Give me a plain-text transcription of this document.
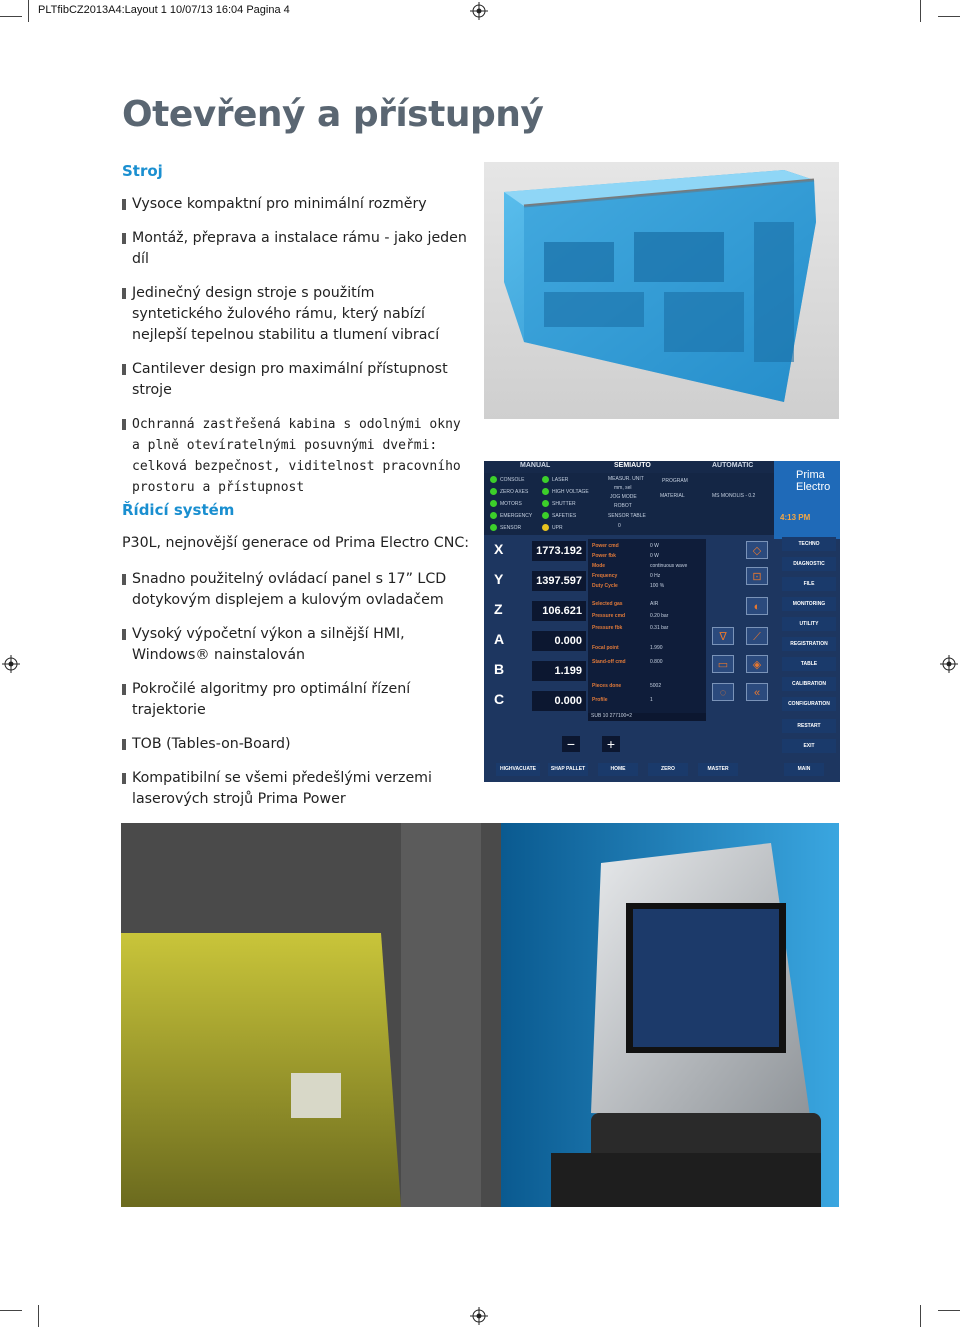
PLTfibCZ2013A4:Layout 1 10/07/13 16:04 Pagina 4
Otevřený a přístupný
Stroj
Vysoce kompaktní pro minimální rozměry
Montáž, přeprava a instalace rámu - jako jeden díl
Jedinečný design stroje s použitím syntetického žulového rámu, který nabízí nejlepší tepelnou stabilitu a tlumení vibrací
Cantilever design pro maximální přístupnost stroje
Ochranná zastřešená kabina s odolnými okny a plně otevíratelnými posuvnými dveřmi: celková bezpečnost, viditelnost pracovního prostoru a přístupnost
Řídicí systém
P30L, nejnovější generace od Prima Electro CNC:
Snadno použitelný ovládací panel s 17” LCD dotykovým displejem a kulovým ovladačem
Vysoký výpočetní výkon a silnější HMI, Windows® nainstalován
Pokročilé algoritmy pro optimální řízení trajektorie
TOB (Tables-on-Board)
Kompatibilní se všemi předešlými verzemi laserových strojů Prima Power
MANUAL	SEMIAUTO	AUTOMATIC
Prima
Electro
4:13 PM
CONSOLE
ZERO AXES
MOTORS
EMERGENCY
SENSOR
LASER
HIGH VOLTAGE
SHUTTER
SAFETIES
UPR
MEASUR. UNIT
mm, sel
JOG MODE
ROBOT
SENSOR TABLE
0
PROGRAM
MATERIAL	MS MONOLIS - 0.2
X	1773.192
Y	1397.597
Z	106.621
A	0.000
B	1.199
C	0.000
Power cmd	0 W
Power fbk	0 W
Mode	continuous wave
Frequency	0 Hz
Duty Cycle	100 %
Selected gas	AIR
Pressure cmd	0.20 bar
Pressure fbk	0.31 bar
Focal point	1.990
Stand-off cmd	0.800
Pieces done	5002
Profile	1
◇
⊡
◐
∇	⟋
▭	◈
◌	«
SUB 10 277100=2
TECHNO
DIAGNOSTIC
FILE
MONITORING
UTILITY
REGISTRATION
TABLE
CALIBRATION
CONFIGURATION
RESTART
EXIT
−	+
HIGHVACUATE	SHAP PALLET	HOME	ZERO	MASTER	MAIN
